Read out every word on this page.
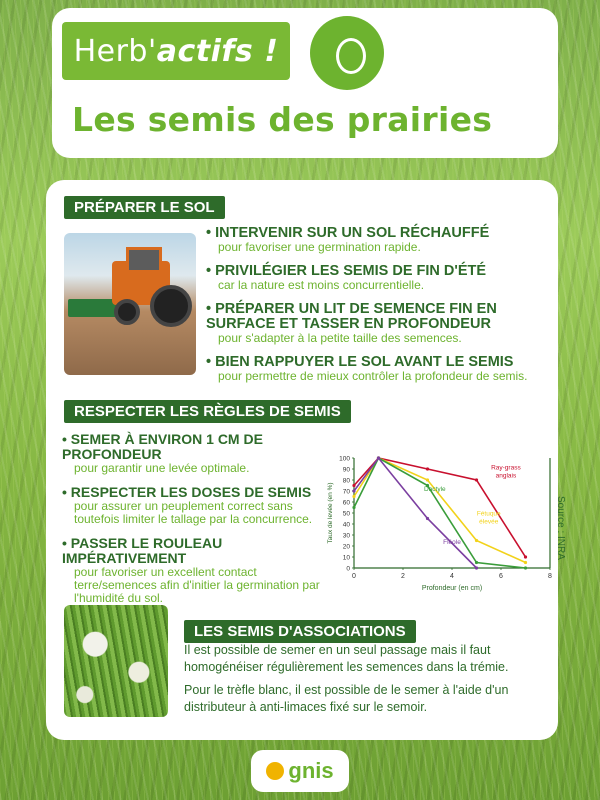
Herb' actifs !
Les semis des prairies
PRÉPARER LE SOL
• INTERVENIR SUR UN SOL RÉCHAUFFÉ
pour favoriser une germination rapide.
• PRIVILÉGIER LES SEMIS DE FIN D'ÉTÉ
car la nature est moins concurrentielle.
• PRÉPARER UN LIT DE SEMENCE FIN EN SURFACE ET TASSER EN PROFONDEUR
pour s'adapter à la petite taille des semences.
• BIEN RAPPUYER LE SOL AVANT LE SEMIS
pour permettre de mieux contrôler la profondeur de semis.
RESPECTER LES RÈGLES DE SEMIS
• SEMER À ENVIRON 1 CM DE PROFONDEUR
pour garantir une levée optimale.
• RESPECTER LES DOSES DE SEMIS
pour assurer un peuplement correct sans toutefois limiter le tallage par la concurrence.
• PASSER LE ROULEAU IMPÉRATIVEMENT
pour favoriser un excellent contact terre/semences afin d'initier la germination par l'humidité du sol.
0
10
20
30
40
50
60
70
80
90
100
0	2	4	6	8
Profondeur (en cm)
Taux de levée (en %)
Ray-grass
anglais
Fétuque
élevée
Dactyle
Fléole	Source : INRA
LES SEMIS D'ASSOCIATIONS

Il est possible de semer en un seul passage mais il faut homogénéiser régulièrement les semences dans la trémie.

Pour le trèfle blanc, il est possible de le semer à l'aide d'un distributeur à anti-limaces fixé sur le semoir.

gnis
